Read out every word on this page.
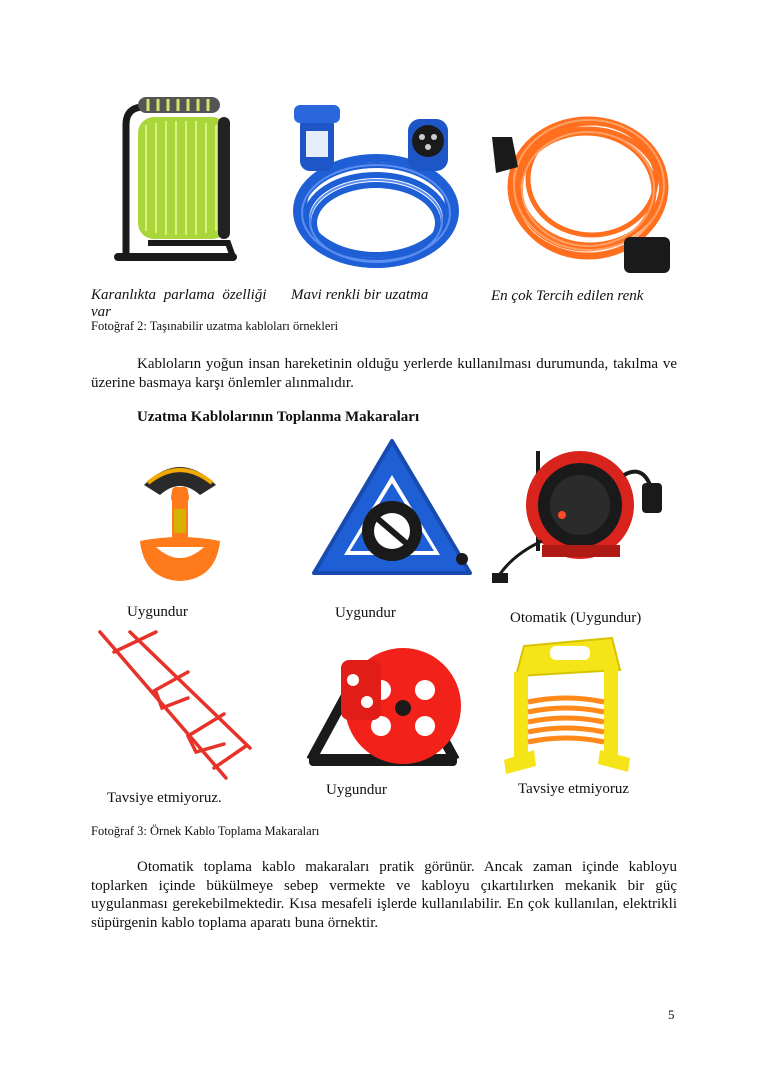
Karanlıkta parlama özelliği
var
Mavi renkli bir uzatma	En çok Tercih edilen renk
Fotoğraf 2: Taşınabilir uzatma kabloları örnekleri
Kabloların yoğun insan hareketinin olduğu yerlerde kullanılması durumunda, takılma ve üzerine basmaya karşı önlemler alınmalıdır.
Uzatma Kablolarının Toplanma Makaraları
Uygundur	Uygundur	Otomatik (Uygundur)
Tavsiye etmiyoruz.	Uygundur	Tavsiye etmiyoruz
Fotoğraf 3: Örnek Kablo Toplama Makaraları
Otomatik toplama kablo makaraları pratik görünür. Ancak zaman içinde kabloyu toplarken içinde bükülmeye sebep vermekte ve kabloyu çıkartılırken mekanik bir güç uygulanması gerekebilmektedir. Kısa mesafeli işlerde kullanılabilir. En çok kullanılan, elektrikli süpürgenin kablo toplama aparatı buna örnektir.
5
